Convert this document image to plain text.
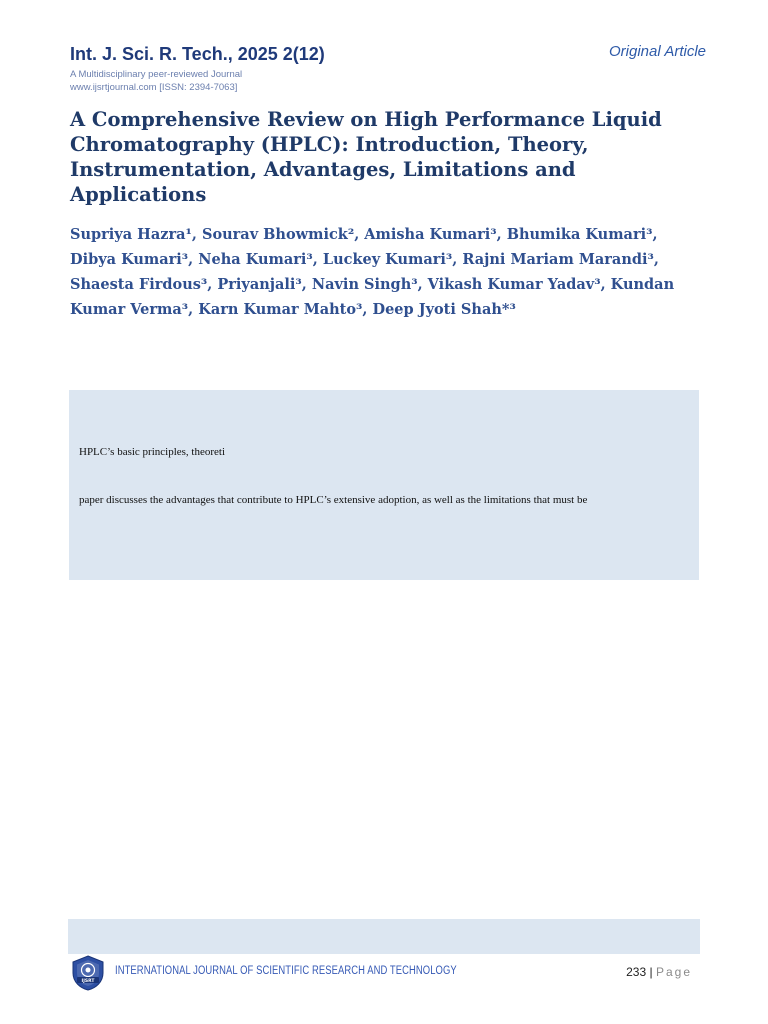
Int. J. Sci. R. Tech., 2025 2(12)
A Multidisciplinary peer-reviewed Journal
www.ijsrtjournal.com [ISSN: 2394-7063]
Original Article
A Comprehensive Review on High Performance Liquid Chromatography (HPLC): Introduction, Theory, Instrumentation, Advantages, Limitations and Applications
Supriya Hazra¹, Sourav Bhowmick², Amisha Kumari³, Bhumika Kumari³, Dibya Kumari³, Neha Kumari³, Luckey Kumari³, Rajni Mariam Marandi³, Shaesta Firdous³, Priyanjali³, Navin Singh³, Vikash Kumar Yadav³, Kundan Kumar Verma³, Karn Kumar Mahto³, Deep Jyoti Shah*³
HPLC’s basic principles, theoreti
paper discusses the advantages that contribute to HPLC’s extensive adoption, as well as the limitations that must be
IJSRT
INTERNATIONAL JOURNAL OF SCIENTIFIC RESEARCH AND TECHNOLOGY	233 | Page
